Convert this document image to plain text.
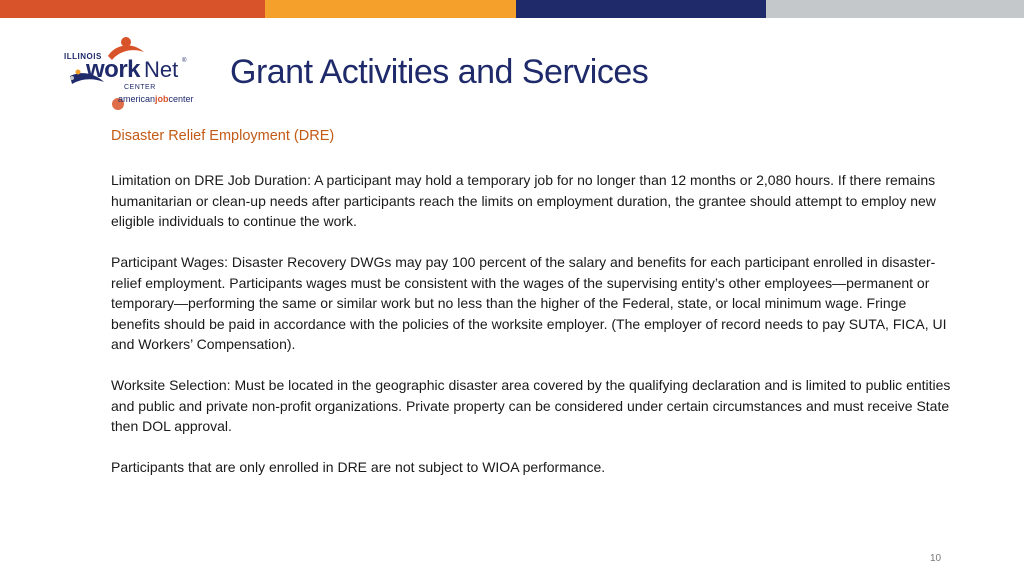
®
ILLINOIS
work Net
CENTER
americanjobcenter
Grant Activities and Services
Disaster Relief Employment (DRE)

Limitation on DRE Job Duration: A participant may hold a temporary job for no longer than 12 months or 2,080 hours. If there remains humanitarian or clean-up needs after participants reach the limits on employment duration, the grantee should attempt to employ new eligible individuals to continue the work.

Participant Wages: Disaster Recovery DWGs may pay 100 percent of the salary and benefits for each participant enrolled in disaster-relief employment. Participants wages must be consistent with the wages of the supervising entity’s other employees—permanent or temporary—performing the same or similar work but no less than the higher of the Federal, state, or local minimum wage. Fringe benefits should be paid in accordance with the policies of the worksite employer. (The employer of record needs to pay SUTA, FICA, UI and Workers’ Compensation).

Worksite Selection: Must be located in the geographic disaster area covered by the qualifying declaration and is limited to public entities and public and private non-profit organizations. Private property can be considered under certain circumstances and must receive State then DOL approval.

Participants that are only enrolled in DRE are not subject to WIOA performance.

10
